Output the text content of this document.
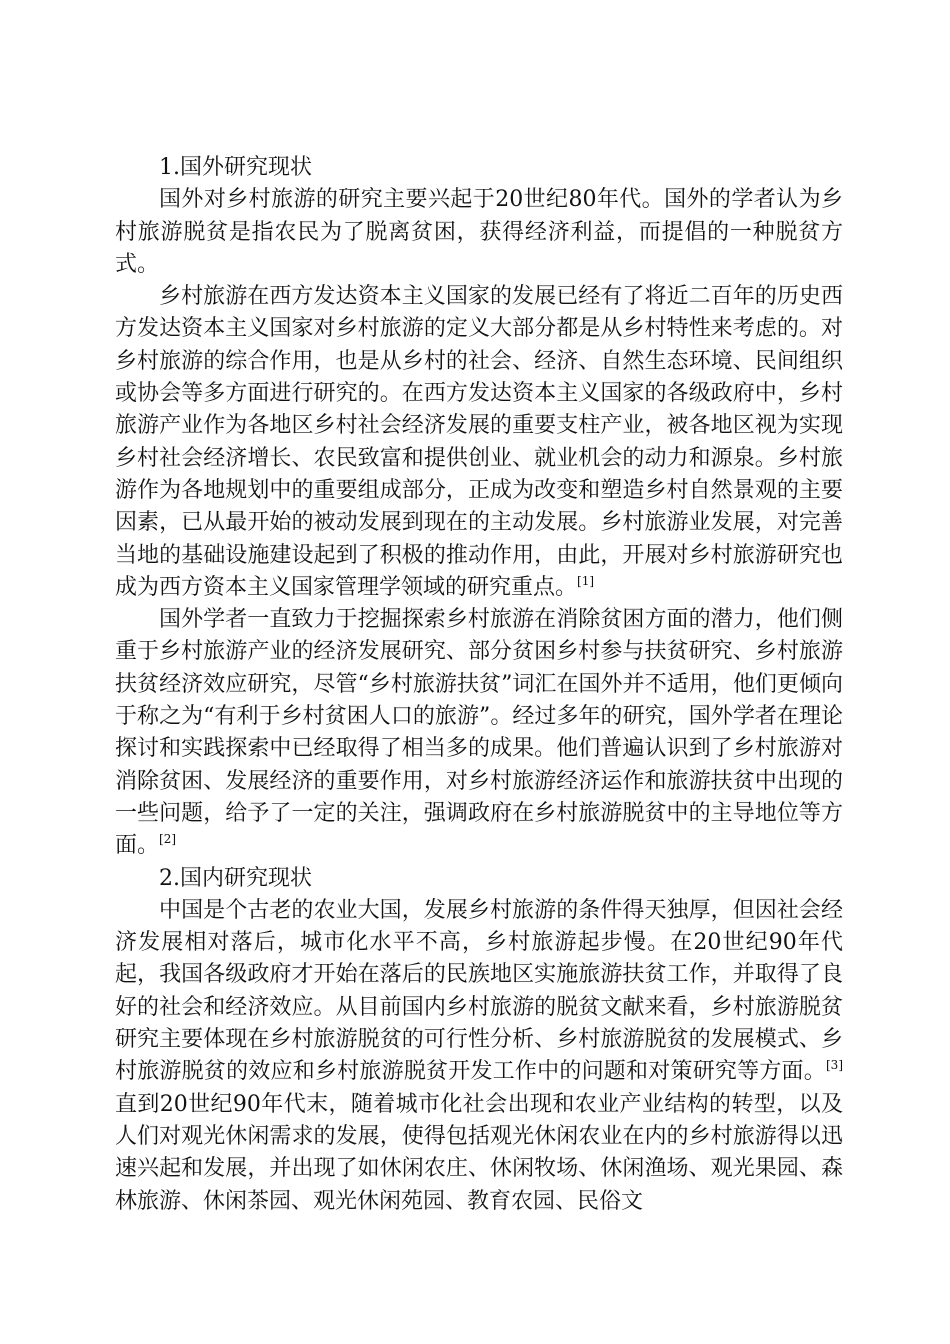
1.国外研究现状

国外对乡村旅游的研究主要兴起于20世纪80年代。国外的学者认为乡村旅游脱贫是指农民为了脱离贫困，获得经济利益，而提倡的一种脱贫方式。

乡村旅游在西方发达资本主义国家的发展已经有了将近二百年的历史西方发达资本主义国家对乡村旅游的定义大部分都是从乡村特性来考虑的。对乡村旅游的综合作用，也是从乡村的社会、经济、自然生态环境、民间组织或协会等多方面进行研究的。在西方发达资本主义国家的各级政府中，乡村旅游产业作为各地区乡村社会经济发展的重要支柱产业，被各地区视为实现乡村社会经济增长、农民致富和提供创业、就业机会的动力和源泉。乡村旅游作为各地规划中的重要组成部分，正成为改变和塑造乡村自然景观的主要因素，已从最开始的被动发展到现在的主动发展。乡村旅游业发展，对完善当地的基础设施建设起到了积极的推动作用，由此，开展对乡村旅游研究也成为西方资本主义国家管理学领域的研究重点。[1]

国外学者一直致力于挖掘探索乡村旅游在消除贫困方面的潜力，他们侧重于乡村旅游产业的经济发展研究、部分贫困乡村参与扶贫研究、乡村旅游扶贫经济效应研究，尽管“乡村旅游扶贫”词汇在国外并不适用，他们更倾向于称之为“有利于乡村贫困人口的旅游”。经过多年的研究，国外学者在理论探讨和实践探索中已经取得了相当多的成果。他们普遍认识到了乡村旅游对消除贫困、发展经济的重要作用，对乡村旅游经济运作和旅游扶贫中出现的一些问题，给予了一定的关注，强调政府在乡村旅游脱贫中的主导地位等方面。[2]

2.国内研究现状

中国是个古老的农业大国，发展乡村旅游的条件得天独厚，但因社会经济发展相对落后，城市化水平不高，乡村旅游起步慢。在20世纪90年代起，我国各级政府才开始在落后的民族地区实施旅游扶贫工作，并取得了良好的社会和经济效应。从目前国内乡村旅游的脱贫文献来看，乡村旅游脱贫研究主要体现在乡村旅游脱贫的可行性分析、乡村旅游脱贫的发展模式、乡村旅游脱贫的效应和乡村旅游脱贫开发工作中的问题和对策研究等方面。[3]直到20世纪90年代末，随着城市化社会出现和农业产业结构的转型，以及人们对观光休闲需求的发展，使得包括观光休闲农业在内的乡村旅游得以迅速兴起和发展，并出现了如休闲农庄、休闲牧场、休闲渔场、观光果园、森林旅游、休闲茶园、观光休闲苑园、教育农园、民俗文
